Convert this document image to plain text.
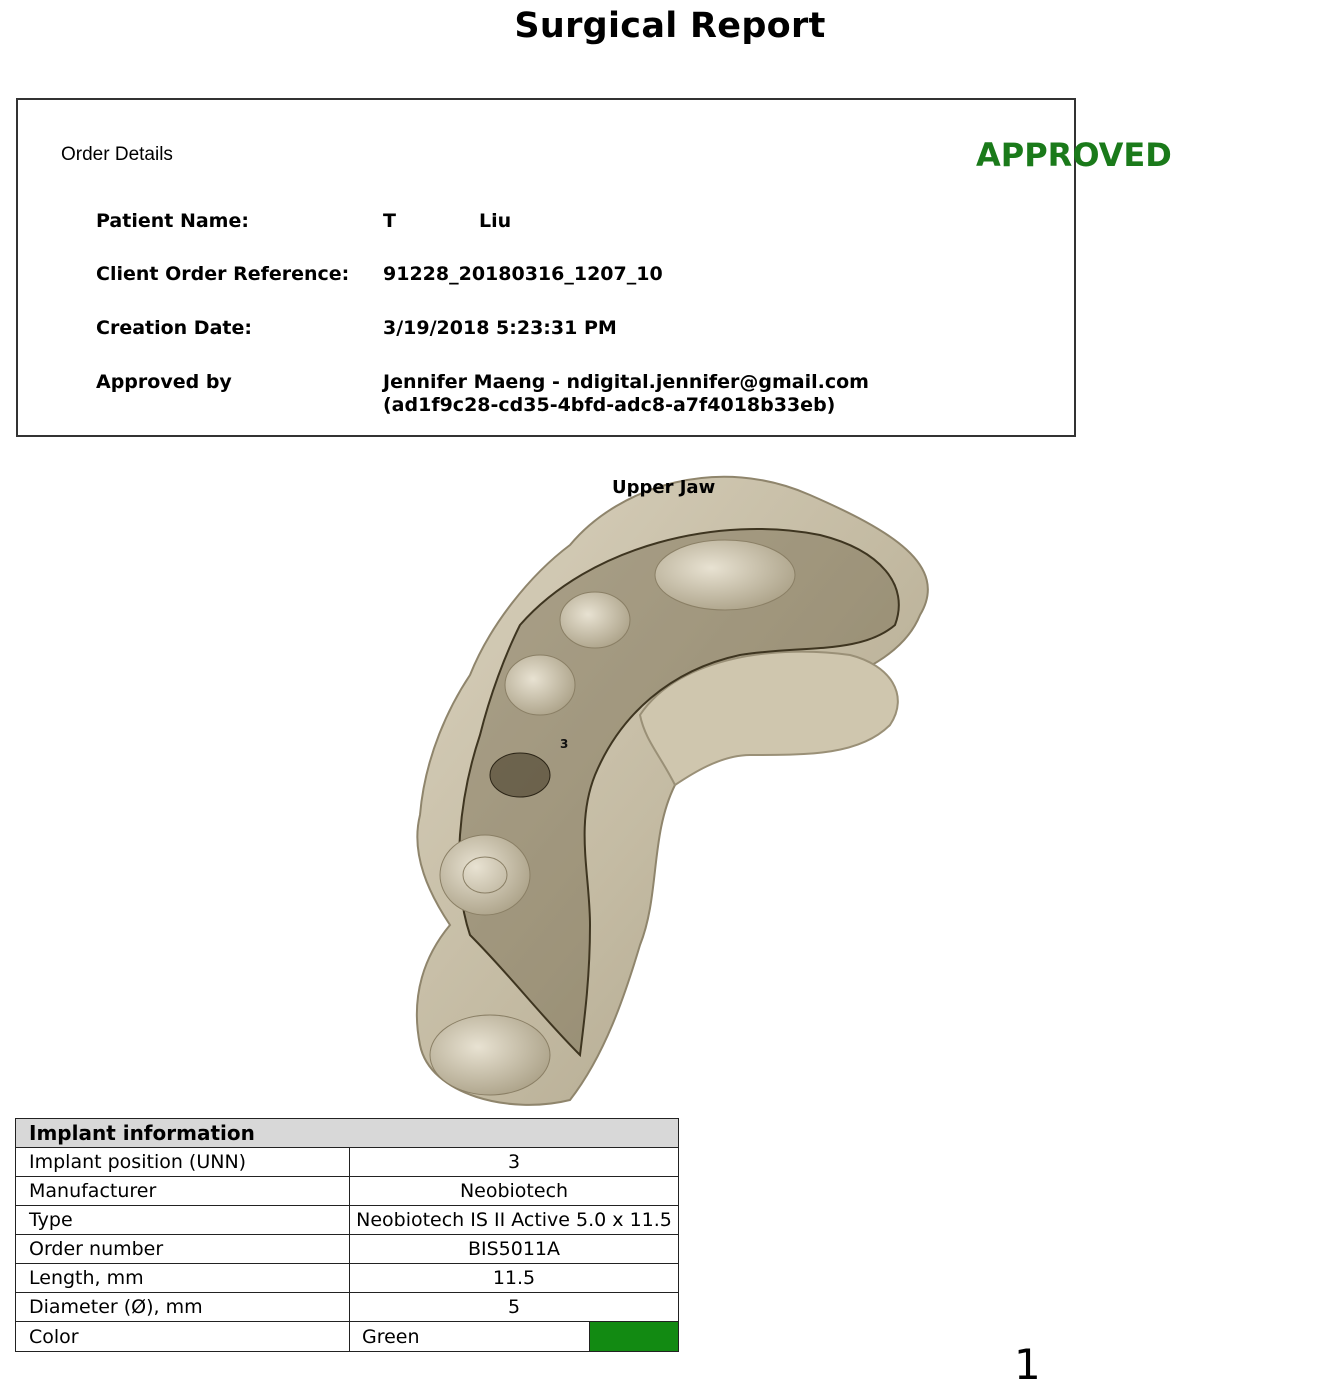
Surgical Report
Order Details	APPROVED
Patient Name:	T	Liu
Client Order Reference: 91228_20180316_1207_10
Creation Date:	3/19/2018 5:23:31 PM
Approved by	Jennifer Maeng - ndigital.jennifer@gmail.com
(ad1f9c28-cd35-4bfd-adc8-a7f4018b33eb)
3
Upper Jaw
Implant information	
Implant position (UNN)	3
Manufacturer	Neobiotech
Type	Neobiotech IS II Active 5.0 x 11.5
Order number	BIS5011A
Length, mm	11.5
Diameter (Ø), mm	5
Color	Green
1
